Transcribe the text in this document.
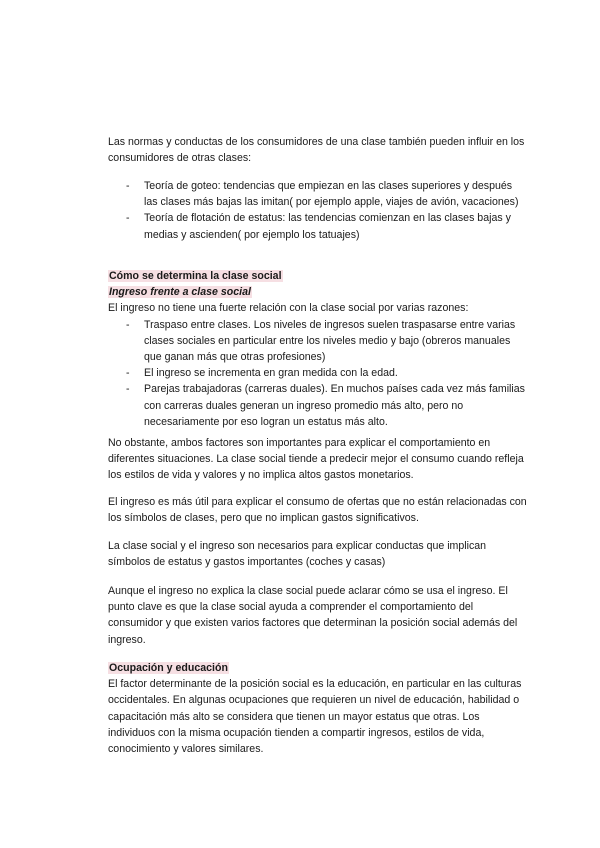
Las normas y conductas de los consumidores de una clase también pueden influir en los consumidores de otras clases:

- Teoría de goteo: tendencias que empiezan en las clases superiores y después las clases más bajas las imitan( por ejemplo apple, viajes de avión, vacaciones)
- Teoría de flotación de estatus: las tendencias comienzan en las clases bajas y medias y ascienden( por ejemplo los tatuajes)

Cómo se determina la clase social

Ingreso frente a clase social

El ingreso no tiene una fuerte relación con la clase social por varias razones:

- Traspaso entre clases. Los niveles de ingresos suelen traspasarse entre varias clases sociales en particular entre los niveles medio y bajo (obreros manuales que ganan más que otras profesiones)
- El ingreso se incrementa en gran medida con la edad.
- Parejas trabajadoras (carreras duales). En muchos países cada vez más familias con carreras duales generan un ingreso promedio más alto, pero no necesariamente por eso logran un estatus más alto.

No obstante, ambos factores son importantes para explicar el comportamiento en diferentes situaciones. La clase social tiende a predecir mejor el consumo cuando refleja los estilos de vida y valores y no implica altos gastos monetarios.

El ingreso es más útil para explicar el consumo de ofertas que no están relacionadas con los símbolos de clases, pero que no implican gastos significativos.

La clase social y el ingreso son necesarios para explicar conductas que implican símbolos de estatus y gastos importantes (coches y casas)

Aunque el ingreso no explica la clase social puede aclarar cómo se usa el ingreso. El punto clave es que la clase social ayuda a comprender el comportamiento del consumidor y que existen varios factores que determinan la posición social además del ingreso.

Ocupación y educación

El factor determinante de la posición social es la educación, en particular en las culturas occidentales. En algunas ocupaciones que requieren un nivel de educación, habilidad o capacitación más alto se considera que tienen un mayor estatus que otras. Los individuos con la misma ocupación tienden a compartir ingresos, estilos de vida, conocimiento y valores similares.
